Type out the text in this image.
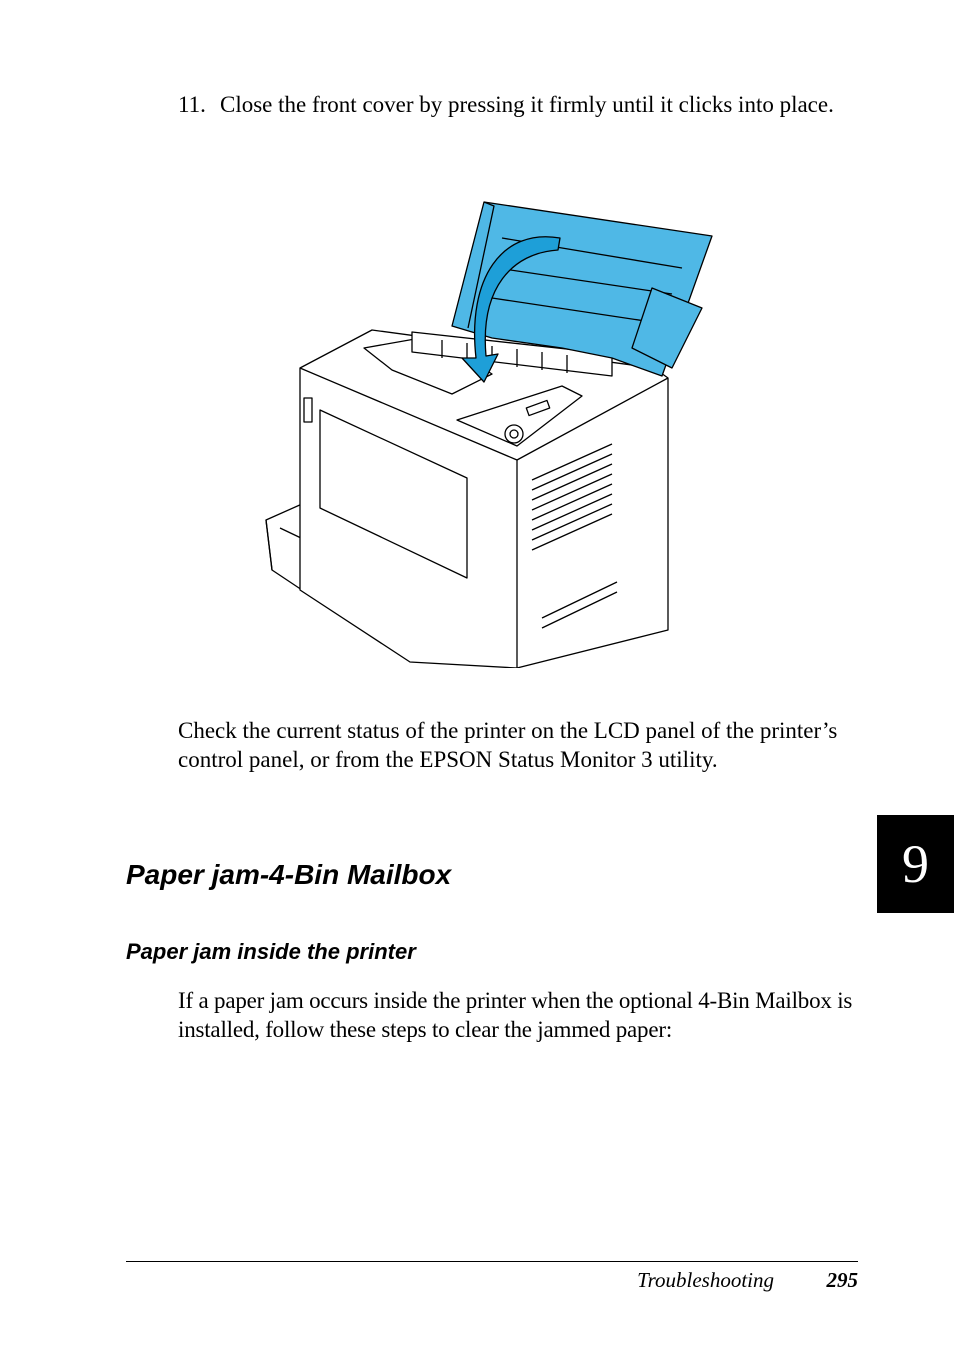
11. Close the front cover by pressing it firmly until it clicks into place.
Check the current status of the printer on the LCD panel of the printer’s control panel, or from the EPSON Status Monitor 3 utility.
Paper jam-4-Bin Mailbox
Paper jam inside the printer
If a paper jam occurs inside the printer when the optional 4-Bin Mailbox is installed, follow these steps to clear the jammed paper:
9
Troubleshooting	295
